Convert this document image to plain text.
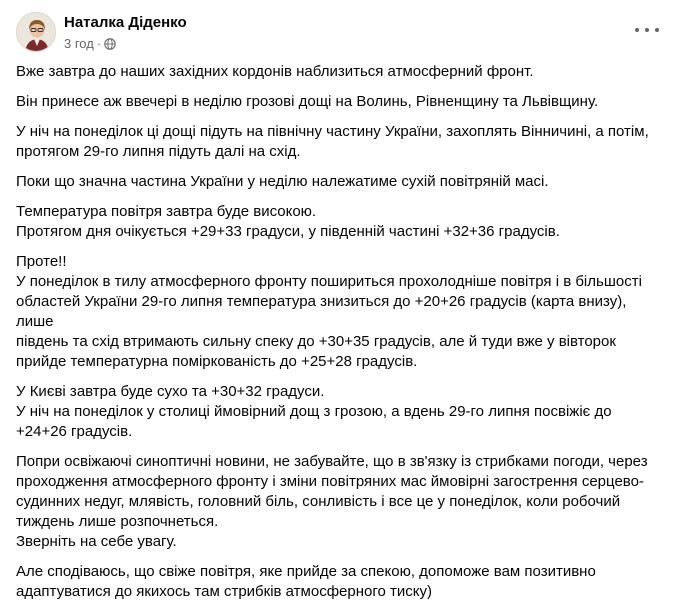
Наталка Діденко
3 год ·

Вже завтра до наших західних кордонів наблизиться атмосферний фронт.

Він принесе аж ввечері в неділю грозові дощі на Волинь, Рівненщину та Львівщину.

У ніч на понеділок ці дощі підуть на північну частину України, захоплять Вінничині, а потім,
протягом 29-го липня підуть далі на схід.

Поки що значна частина України у неділю належатиме сухій повітряній масі.

Температура повітря завтра буде високою.
Протягом дня очікується +29+33 градуси, у південній частині +32+36 градусів.

Проте!!
У понеділок в тилу атмосферного фронту пошириться прохолодніше повітря і в більшості
областей України 29-го липня температура знизиться до +20+26 градусів (карта внизу), лише
південь та схід втримають сильну спеку до +30+35 градусів, але й туди вже у вівторок
прийде температурна поміркованість до +25+28 градусів.

У Києві завтра буде сухо та +30+32 градуси.
У ніч на понеділок у столиці ймовірний дощ з грозою, а вдень 29-го липня посвіжіє до
+24+26 градусів.

Попри освіжаючі синоптичні новини, не забувайте, що в зв'язку із стрибками погоди, через
проходження атмосферного фронту і зміни повітряних мас ймовірні загострення серцево-
судинних недуг, млявість, головний біль, сонливість і все це у понеділок, коли робочий
тиждень лише розпочнеться.
Зверніть на себе увагу.

Але сподіваюсь, що свіже повітря, яке прийде за спекою, допоможе вам позитивно
адаптуватися до якихось там стрибків атмосферного тиску)
